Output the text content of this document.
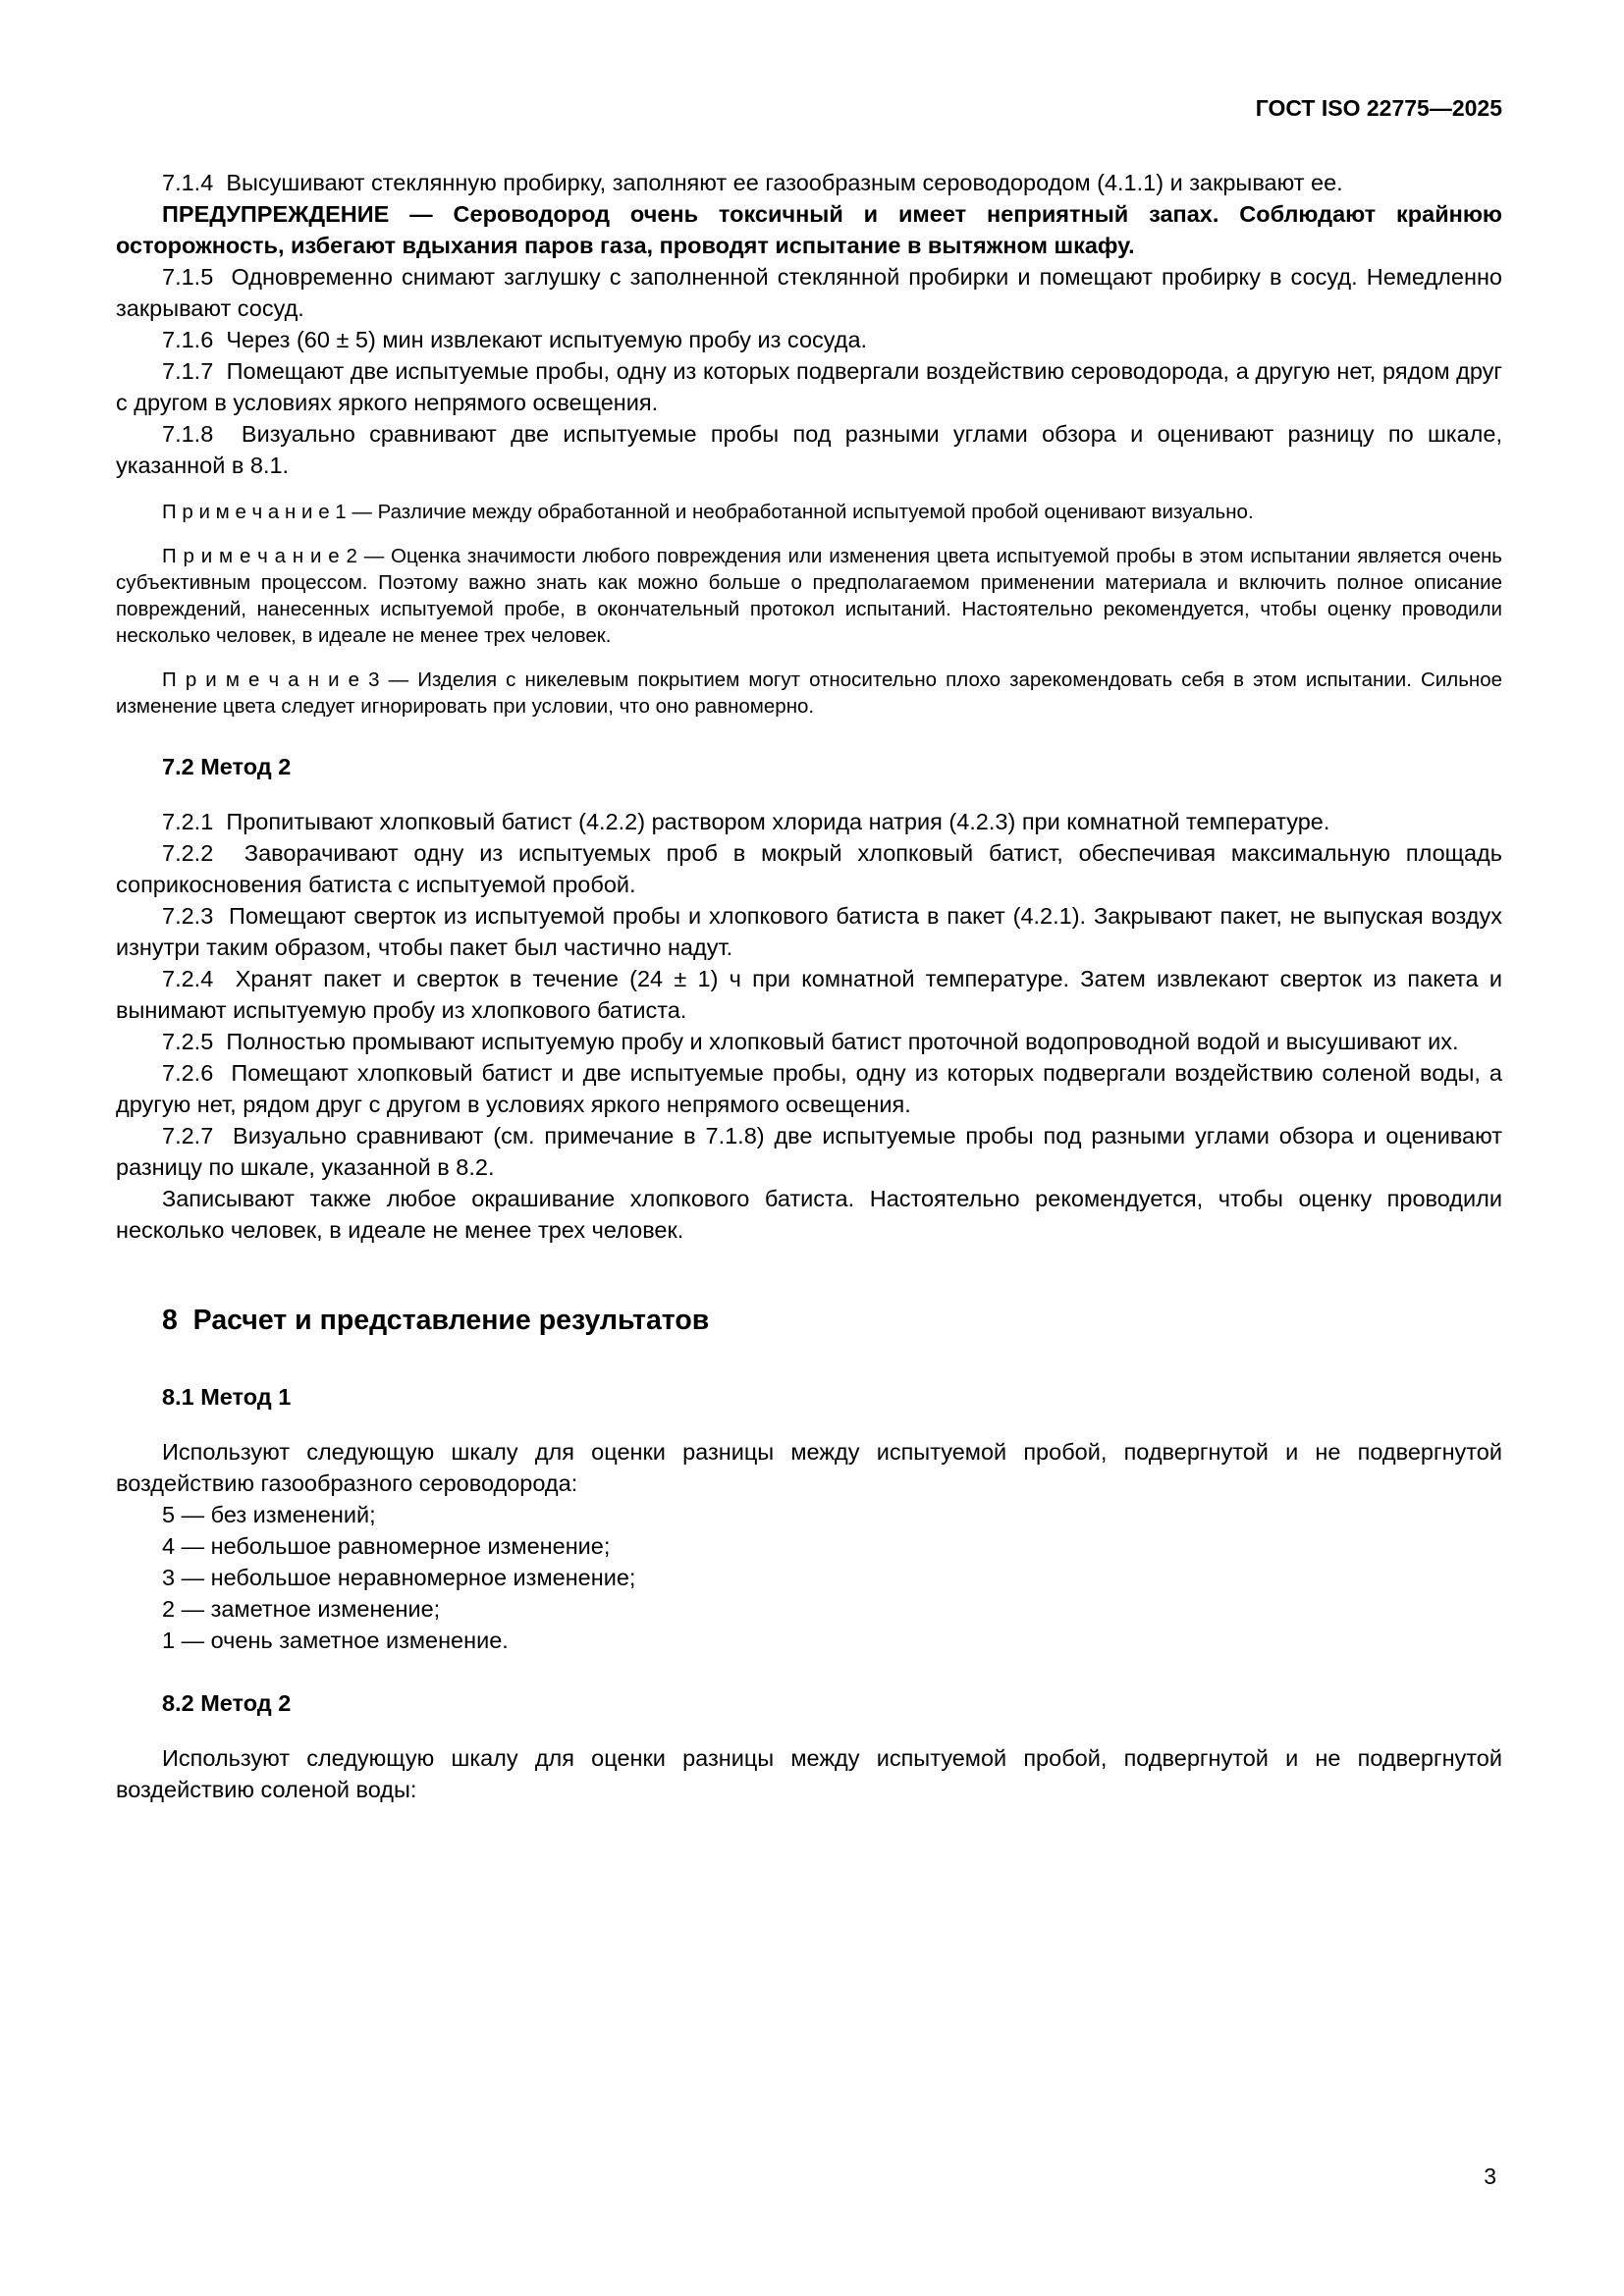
ГОСТ ISO 22775—2025

7.1.4  Высушивают стеклянную пробирку, заполняют ее газообразным сероводородом (4.1.1) и закрывают ее.

ПРЕДУПРЕЖДЕНИЕ — Сероводород очень токсичный и имеет неприятный запах. Соблюдают крайнюю осторожность, избегают вдыхания паров газа, проводят испытание в вытяжном шкафу.

7.1.5  Одновременно снимают заглушку с заполненной стеклянной пробирки и помещают пробирку в сосуд. Немедленно закрывают сосуд.

7.1.6  Через (60 ± 5) мин извлекают испытуемую пробу из сосуда.

7.1.7  Помещают две испытуемые пробы, одну из которых подвергали воздействию сероводорода, а другую нет, рядом друг с другом в условиях яркого непрямого освещения.

7.1.8  Визуально сравнивают две испытуемые пробы под разными углами обзора и оценивают разницу по шкале, указанной в 8.1.

П р и м е ч а н и е 1 — Различие между обработанной и необработанной испытуемой пробой оценивают визуально.

П р и м е ч а н и е 2 — Оценка значимости любого повреждения или изменения цвета испытуемой пробы в этом испытании является очень субъективным процессом. Поэтому важно знать как можно больше о предполагаемом применении материала и включить полное описание повреждений, нанесенных испытуемой пробе, в окончательный протокол испытаний. Настоятельно рекомендуется, чтобы оценку проводили несколько человек, в идеале не менее трех человек.

П р и м е ч а н и е 3 — Изделия с никелевым покрытием могут относительно плохо зарекомендовать себя в этом испытании. Сильное изменение цвета следует игнорировать при условии, что оно равномерно.

7.2 Метод 2

7.2.1  Пропитывают хлопковый батист (4.2.2) раствором хлорида натрия (4.2.3) при комнатной температуре.

7.2.2  Заворачивают одну из испытуемых проб в мокрый хлопковый батист, обеспечивая максимальную площадь соприкосновения батиста с испытуемой пробой.

7.2.3  Помещают сверток из испытуемой пробы и хлопкового батиста в пакет (4.2.1). Закрывают пакет, не выпуская воздух изнутри таким образом, чтобы пакет был частично надут.

7.2.4  Хранят пакет и сверток в течение (24 ± 1) ч при комнатной температуре. Затем извлекают сверток из пакета и вынимают испытуемую пробу из хлопкового батиста.

7.2.5  Полностью промывают испытуемую пробу и хлопковый батист проточной водопроводной водой и высушивают их.

7.2.6  Помещают хлопковый батист и две испытуемые пробы, одну из которых подвергали воздействию соленой воды, а другую нет, рядом друг с другом в условиях яркого непрямого освещения.

7.2.7  Визуально сравнивают (см. примечание в 7.1.8) две испытуемые пробы под разными углами обзора и оценивают разницу по шкале, указанной в 8.2.

Записывают также любое окрашивание хлопкового батиста. Настоятельно рекомендуется, чтобы оценку проводили несколько человек, в идеале не менее трех человек.

8  Расчет и представление результатов

8.1 Метод 1

Используют следующую шкалу для оценки разницы между испытуемой пробой, подвергнутой и не подвергнутой воздействию газообразного сероводорода:

5 — без изменений;
4 — небольшое равномерное изменение;
3 — небольшое неравномерное изменение;
2 — заметное изменение;
1 — очень заметное изменение.

8.2 Метод 2

Используют следующую шкалу для оценки разницы между испытуемой пробой, подвергнутой и не подвергнутой воздействию соленой воды:

3
